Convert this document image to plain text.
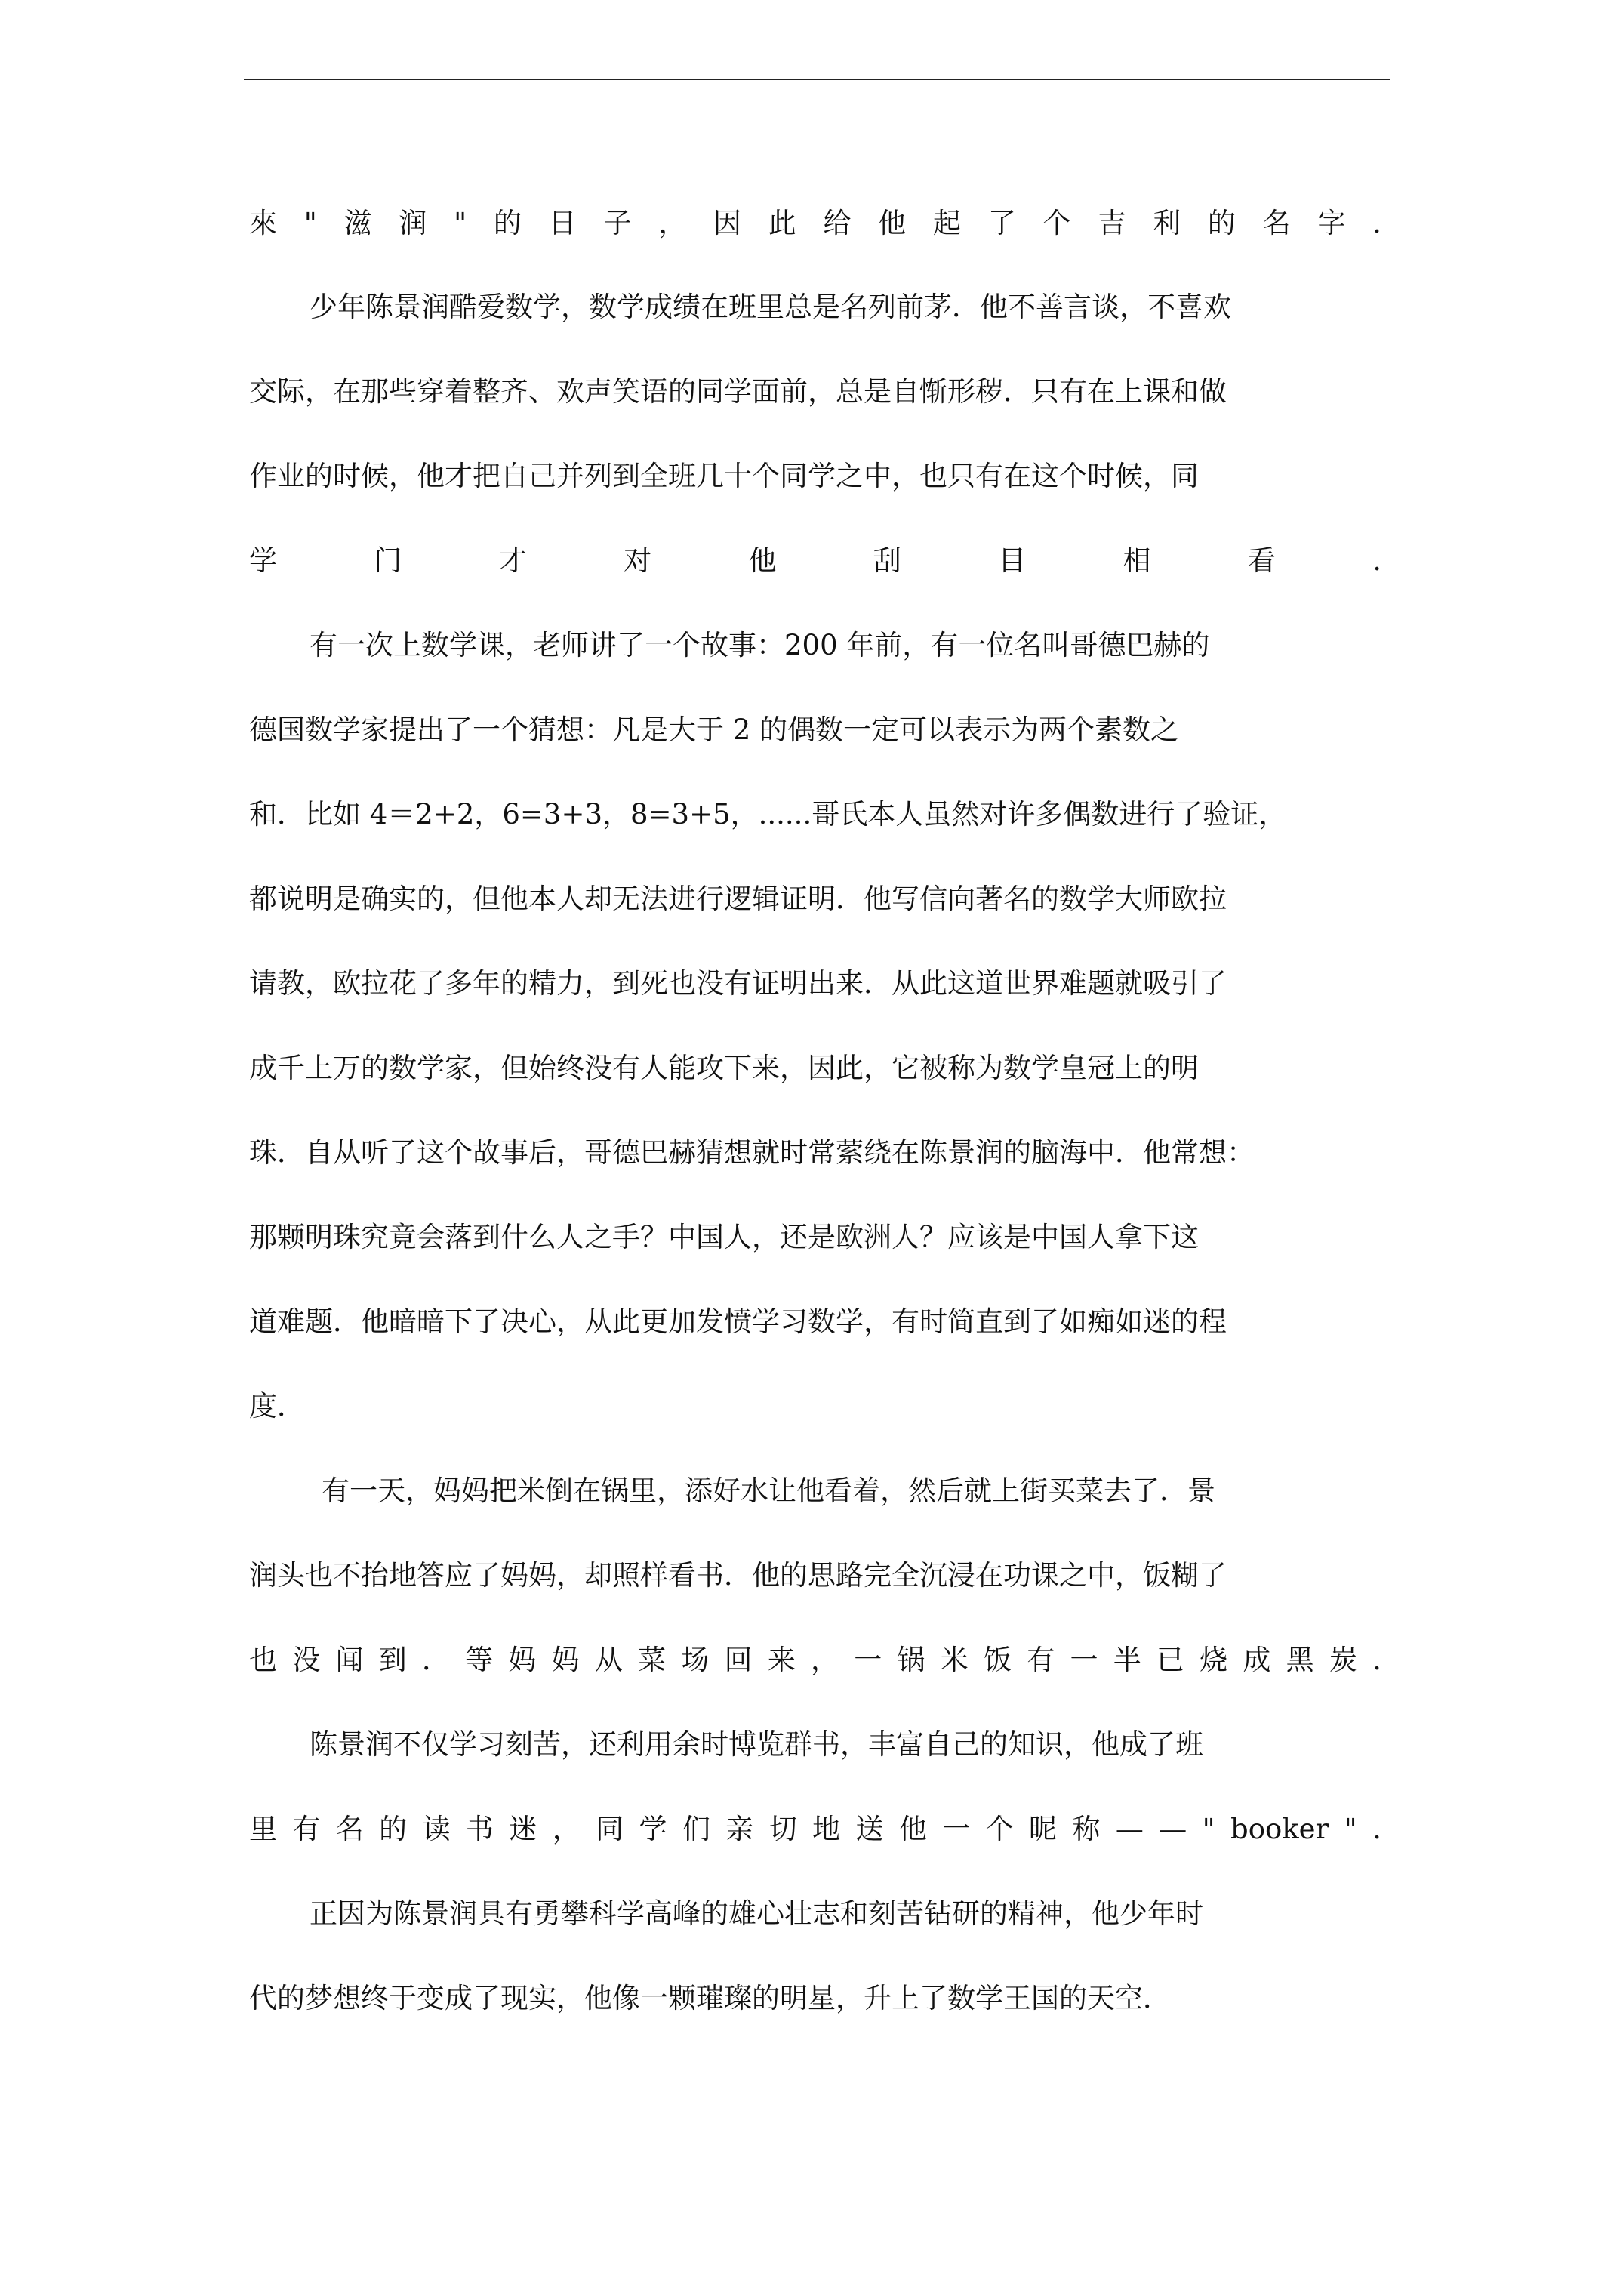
來 " 滋 润 " 的 日 子 ， 因 此 给 他 起 了 个 吉 利 的 名 字 .
少年陈景润酷爱数学，数学成绩在班里总是名列前茅．他不善言谈，不喜欢
交际，在那些穿着整齐、欢声笑语的同学面前，总是自惭形秽．只有在上课和做
作业的时候，他才把自己并列到全班几十个同学之中，也只有在这个时候，同
学	门	才	对	他	刮	目	相	看	.
有一次上数学课，老师讲了一个故事：200 年前，有一位名叫哥德巴赫的
德国数学家提出了一个猜想：凡是大于 2 的偶数一定可以表示为两个素数之
和．比如 4＝2+2，6=3+3，8=3+5，......哥氏本人虽然对许多偶数进行了验证，
都说明是确实的，但他本人却无法进行逻辑证明．他写信向著名的数学大师欧拉
请教，欧拉花了多年的精力，到死也没有证明出来．从此这道世界难题就吸引了
成千上万的数学家，但始终没有人能攻下来，因此，它被称为数学皇冠上的明
珠．自从听了这个故事后，哥德巴赫猜想就时常萦绕在陈景润的脑海中．他常想：
那颗明珠究竟会落到什么人之手？中国人，还是欧洲人？应该是中国人拿下这
道难题．他暗暗下了决心，从此更加发愤学习数学，有时简直到了如痴如迷的程
度．
有一天，妈妈把米倒在锅里，添好水让他看着，然后就上街买菜去了．景
润头也不抬地答应了妈妈，却照样看书．他的思路完全沉浸在功课之中，饭糊了
也 没 闻 到 ． 等 妈 妈 从 菜 场 回 来 ， 一 锅 米 饭 有 一 半 已 烧 成 黑 炭 .
陈景润不仅学习刻苦，还利用余时博览群书，丰富自己的知识，他成了班
里 有 名 的 读 书 迷 ， 同 学 们 亲 切 地 送 他 一 个 昵 称 — — " booker " .
正因为陈景润具有勇攀科学高峰的雄心壮志和刻苦钻研的精神，他少年时
代的梦想终于变成了现实，他像一颗璀璨的明星，升上了数学王国的天空．
